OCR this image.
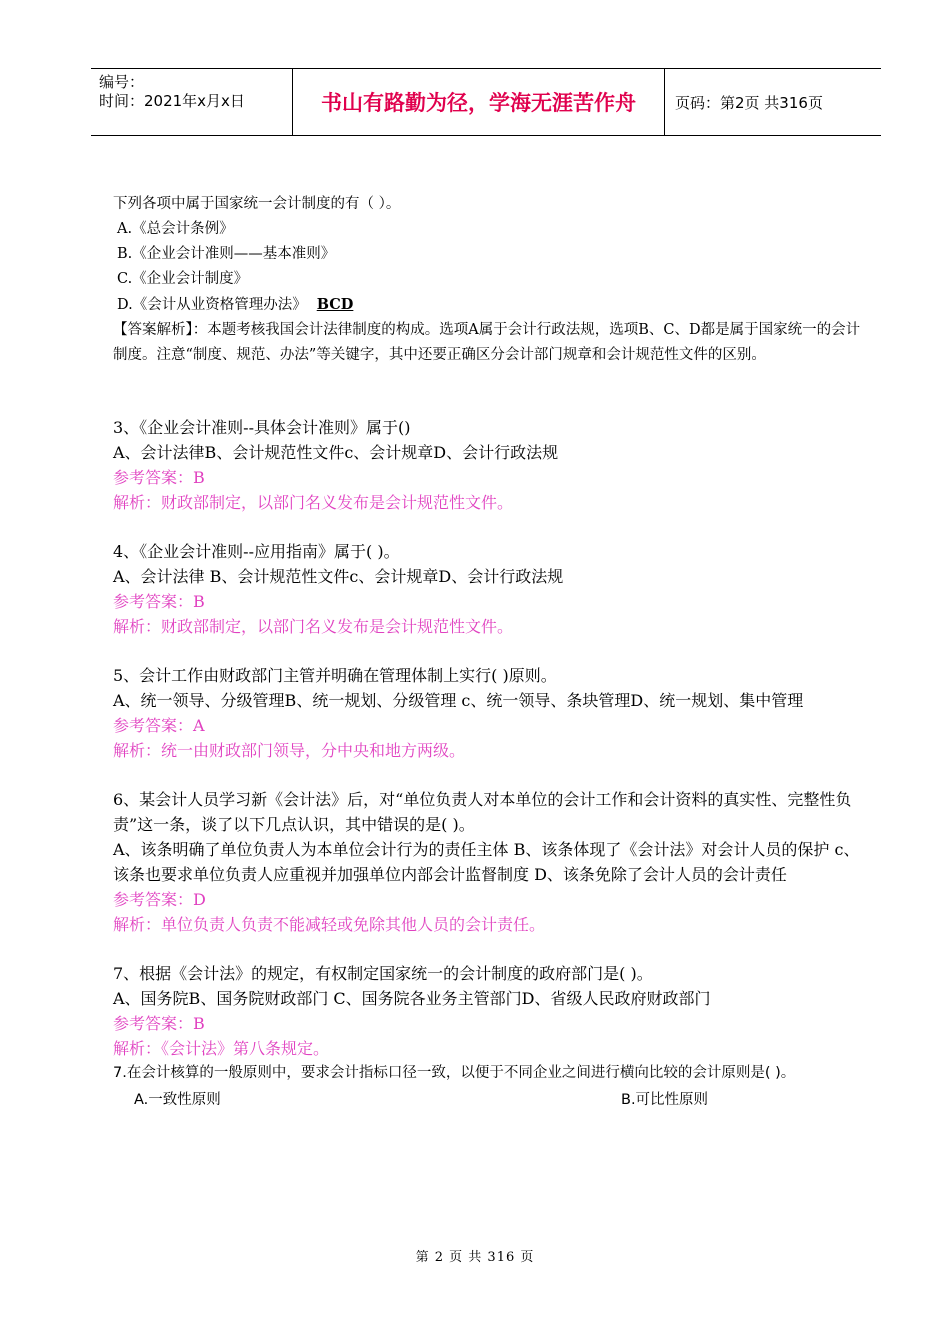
编号：
时间：2021年x月x日	书山有路勤为径，学海无涯苦作舟	页码：第2页 共316页
下列各项中属于国家统一会计制度的有（ ）。
A.《总会计条例》
B.《企业会计准则——基本准则》
C.《企业会计制度》
D.《会计从业资格管理办法》 BCD
【答案解析】：本题考核我国会计法律制度的构成。选项A属于会计行政法规，选项B、C、D都是属于国家统一的会计制度。注意“制度、规范、办法”等关键字，其中还要正确区分会计部门规章和会计规范性文件的区别。
3、《企业会计准则--具体会计准则》属于()
A、会计法律B、会计规范性文件c、会计规章D、会计行政法规
参考答案：B
解析：财政部制定，以部门名义发布是会计规范性文件。
4、《企业会计准则--应用指南》属于( )。
A、会计法律 B、会计规范性文件c、会计规章D、会计行政法规
参考答案：B
解析：财政部制定，以部门名义发布是会计规范性文件。
5、会计工作由财政部门主管并明确在管理体制上实行( )原则。
A、统一领导、分级管理B、统一规划、分级管理 c、统一领导、条块管理D、统一规划、集中管理
参考答案：A
解析：统一由财政部门领导，分中央和地方两级。
6、某会计人员学习新《会计法》后，对“单位负责人对本单位的会计工作和会计资料的真实性、完整性负责”这一条，谈了以下几点认识，其中错误的是( )。
A、该条明确了单位负责人为本单位会计行为的责任主体 B、该条体现了《会计法》对会计人员的保护 c、该条也要求单位负责人应重视并加强单位内部会计监督制度 D、该条免除了会计人员的会计责任
参考答案：D
解析：单位负责人负责不能减轻或免除其他人员的会计责任。
7、根据《会计法》的规定，有权制定国家统一的会计制度的政府部门是( )。
A、国务院B、国务院财政部门 C、国务院各业务主管部门D、省级人民政府财政部门
参考答案：B
解析：《会计法》第八条规定。
7.在会计核算的一般原则中，要求会计指标口径一致，以便于不同企业之间进行横向比较的会计原则是( )。
A.一致性原则	B.可比性原则
第 2 页 共 316 页
